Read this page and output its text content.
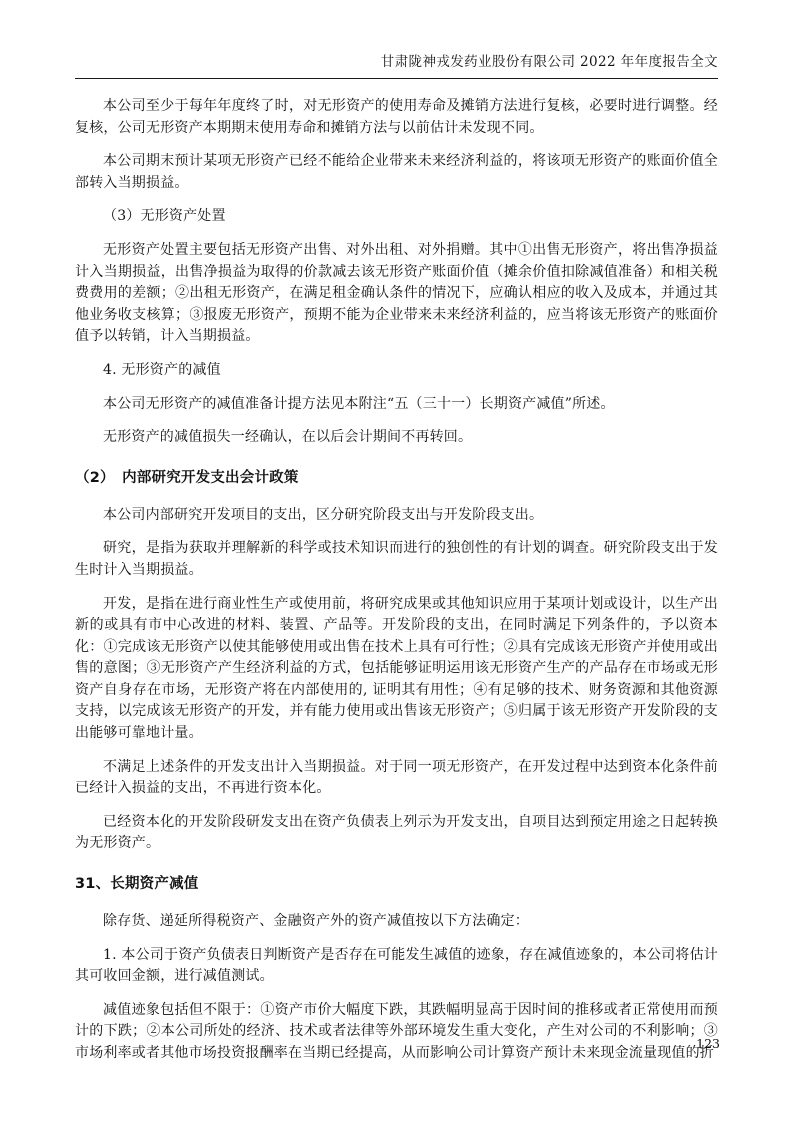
甘肃陇神戎发药业股份有限公司 2022 年年度报告全文

本公司至少于每年年度终了时，对无形资产的使用寿命及摊销方法进行复核，必要时进行调整。经复核，公司无形资产本期期末使用寿命和摊销方法与以前估计未发现不同。

本公司期末预计某项无形资产已经不能给企业带来未来经济利益的，将该项无形资产的账面价值全部转入当期损益。

（3）无形资产处置

无形资产处置主要包括无形资产出售、对外出租、对外捐赠。其中①出售无形资产，将出售净损益计入当期损益，出售净损益为取得的价款减去该无形资产账面价值（摊余价值扣除减值准备）和相关税费费用的差额；②出租无形资产，在满足租金确认条件的情况下，应确认相应的收入及成本，并通过其他业务收支核算；③报废无形资产，预期不能为企业带来未来经济利益的，应当将该无形资产的账面价值予以转销，计入当期损益。

4. 无形资产的减值

本公司无形资产的减值准备计提方法见本附注“五（三十一）长期资产减值”所述。

无形资产的减值损失一经确认，在以后会计期间不再转回。

（2）　内部研究开发支出会计政策

本公司内部研究开发项目的支出，区分研究阶段支出与开发阶段支出。

研究，是指为获取并理解新的科学或技术知识而进行的独创性的有计划的调查。研究阶段支出于发生时计入当期损益。

开发，是指在进行商业性生产或使用前，将研究成果或其他知识应用于某项计划或设计，以生产出新的或具有市中心改进的材料、装置、产品等。开发阶段的支出，在同时满足下列条件的，予以资本化：①完成该无形资产以使其能够使用或出售在技术上具有可行性；②具有完成该无形资产并使用或出售的意图；③无形资产产生经济利益的方式，包括能够证明运用该无形资产生产的产品存在市场或无形资产自身存在市场，无形资产将在内部使用的, 证明其有用性；④有足够的技术、财务资源和其他资源支持，以完成该无形资产的开发，并有能力使用或出售该无形资产；⑤归属于该无形资产开发阶段的支出能够可靠地计量。

不满足上述条件的开发支出计入当期损益。对于同一项无形资产，在开发过程中达到资本化条件前已经计入损益的支出，不再进行资本化。

已经资本化的开发阶段研发支出在资产负债表上列示为开发支出，自项目达到预定用途之日起转换为无形资产。

31、长期资产减值

除存货、递延所得税资产、金融资产外的资产减值按以下方法确定：

1. 本公司于资产负债表日判断资产是否存在可能发生减值的迹象，存在减值迹象的，本公司将估计其可收回金额，进行减值测试。

减值迹象包括但不限于：①资产市价大幅度下跌，其跌幅明显高于因时间的推移或者正常使用而预计的下跌；②本公司所处的经济、技术或者法律等外部环境发生重大变化，产生对公司的不利影响；③市场利率或者其他市场投资报酬率在当期已经提高，从而影响公司计算资产预计未来现金流量现值的折

123
